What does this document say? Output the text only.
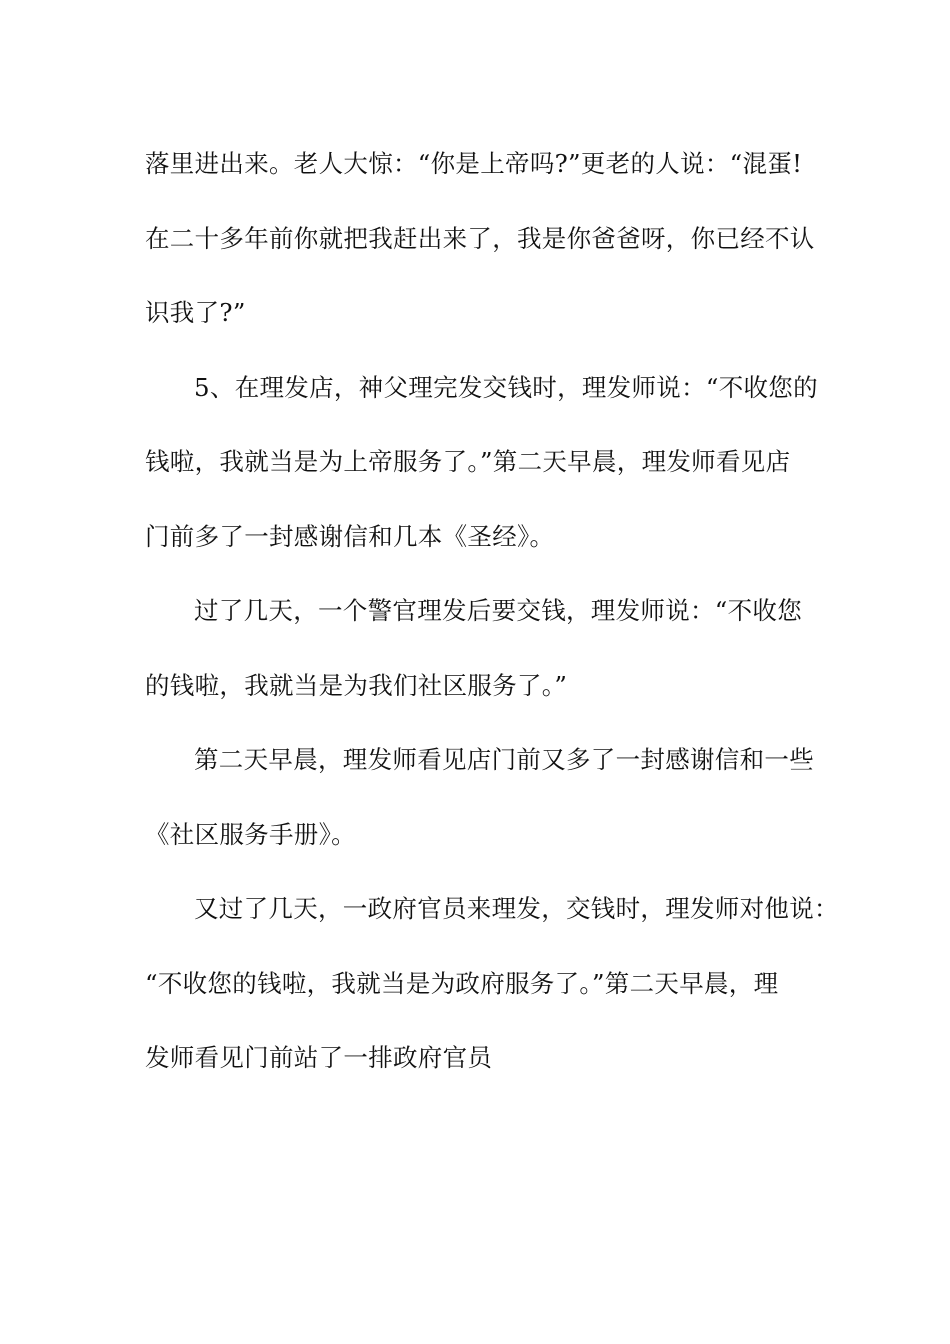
落里进出来。老人大惊：“你是上帝吗?”更老的人说：“混蛋!
在二十多年前你就把我赶出来了，我是你爸爸呀，你已经不认
识我了?”
5、在理发店，神父理完发交钱时，理发师说：“不收您的
钱啦，我就当是为上帝服务了。”第二天早晨，理发师看见店
门前多了一封感谢信和几本《圣经》。
过了几天，一个警官理发后要交钱，理发师说：“不收您
的钱啦，我就当是为我们社区服务了。”
第二天早晨，理发师看见店门前又多了一封感谢信和一些
《社区服务手册》。
又过了几天，一政府官员来理发，交钱时，理发师对他说：
“不收您的钱啦，我就当是为政府服务了。”第二天早晨，理
发师看见门前站了一排政府官员
